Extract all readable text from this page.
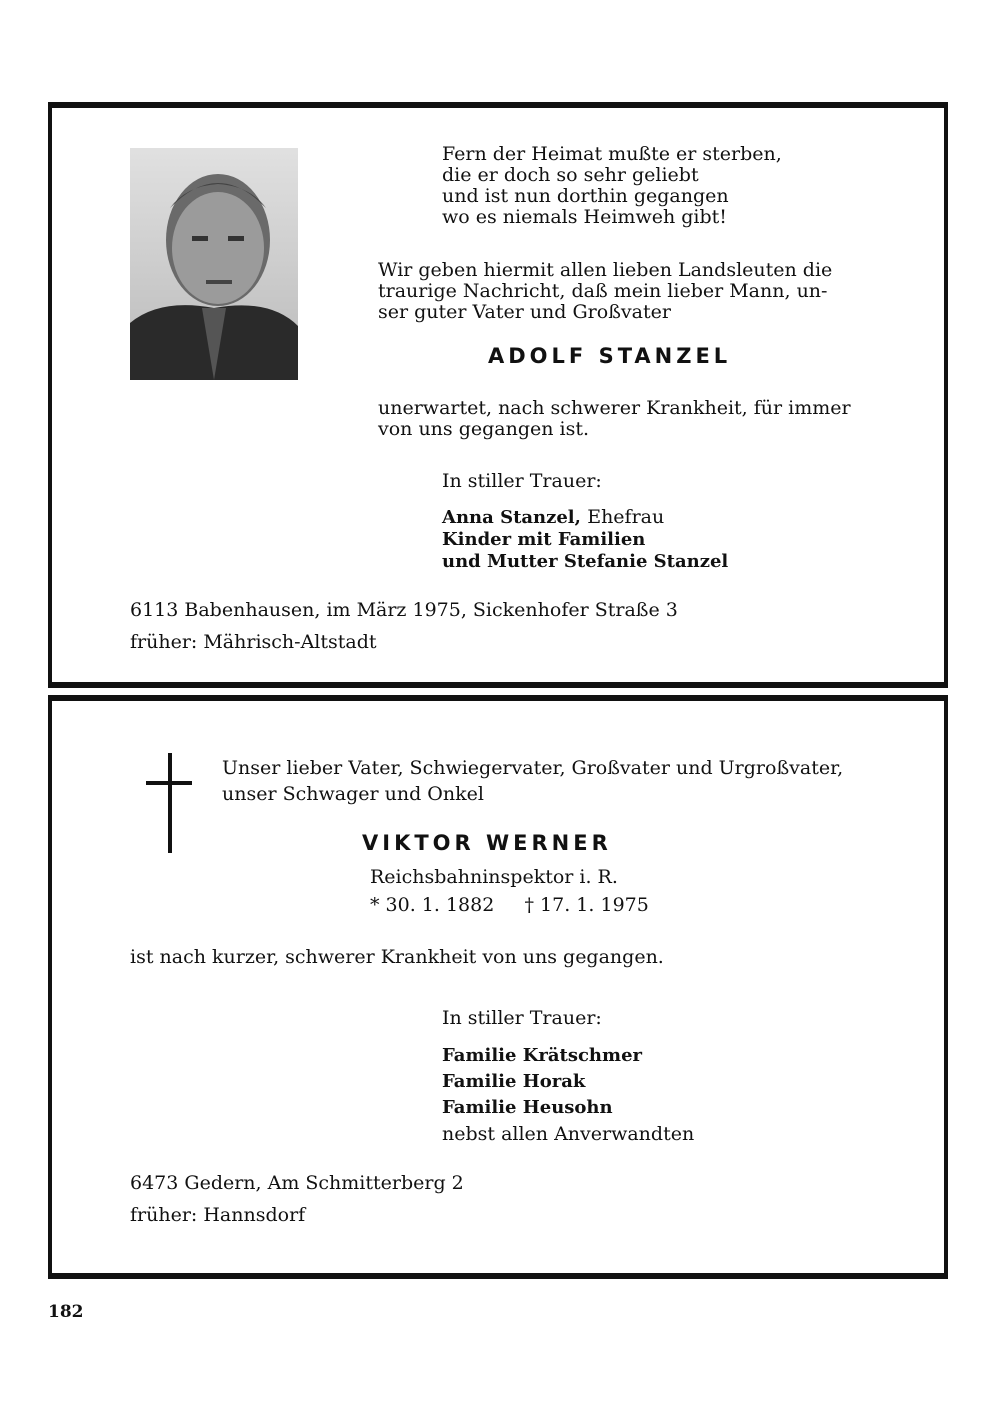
Fern der Heimat mußte er sterben,
die er doch so sehr geliebt
und ist nun dorthin gegangen
wo es niemals Heimweh gibt!
Wir geben hiermit allen lieben Landsleuten die
traurige Nachricht, daß mein lieber Mann, un-
ser guter Vater und Großvater
ADOLF STANZEL
unerwartet, nach schwerer Krankheit, für immer
von uns gegangen ist.
In stiller Trauer:
Anna Stanzel, Ehefrau
Kinder mit Familien
und Mutter Stefanie Stanzel
6113 Babenhausen, im März 1975, Sickenhofer Straße 3
früher: Mährisch-Altstadt
Unser lieber Vater, Schwiegervater, Großvater und Urgroßvater,
unser Schwager und Onkel
VIKTOR WERNER
Reichsbahninspektor i. R.
* 30. 1. 1882     † 17. 1. 1975
ist nach kurzer, schwerer Krankheit von uns gegangen.
In stiller Trauer:
Familie Krätschmer
Familie Horak
Familie Heusohn
nebst allen Anverwandten
6473 Gedern, Am Schmitterberg 2
früher: Hannsdorf
182
